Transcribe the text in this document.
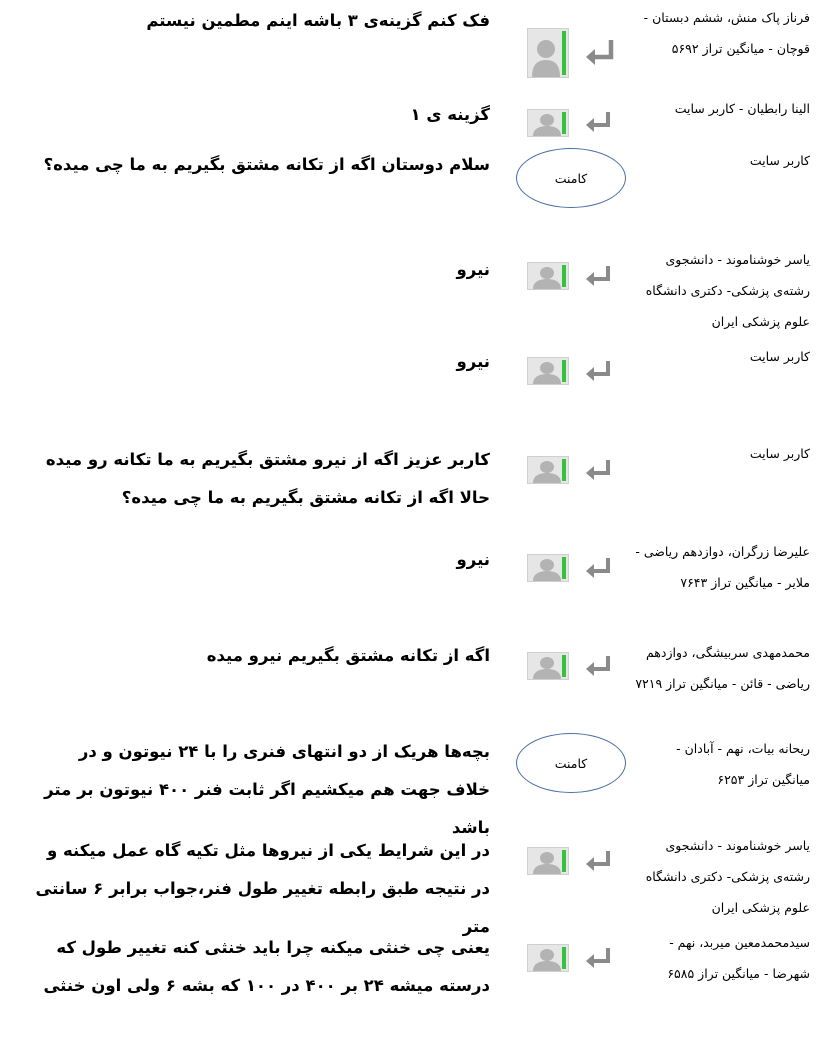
فک کنم گزینه‌ی ۳ باشه اینم مطمین نیستم
گزینه ی ۱
سلام دوستان اگه از تکانه مشتق بگیریم به ما چی میده؟
نیرو
نیرو
کاربر عزیز اگه از نیرو مشتق بگیریم به ما تکانه رو میده حالا اگه از تکانه مشتق بگیریم به ما چی میده؟
نیرو
اگه از تکانه مشتق بگیریم نیرو میده
بچه‌ها هریک از دو انتهای فنری را با ۲۴ نیوتون و در خلاف جهت هم میکشیم اگر ثابت فنر ۴۰۰ نیوتون بر متر باشد
در این شرایط یکی از نیروها مثل تکیه گاه عمل میکنه و در نتیجه طبق رابطه تغییر طول فنر،جواب برابر ۶ سانتی متر
یعنی چی خنثی میکنه چرا باید خنثی کنه تغییر طول که درسته میشه ۲۴ بر ۴۰۰ در ۱۰۰ که بشه ۶ ولی اون خنثی
فرناز پاک منش، ششم دبستان - قوچان - میانگین تراز ۵۶۹۲
الینا رابطیان - کاربر سایت
کاربر سایت
یاسر خوشناموند - دانشجوی رشته‌ی پزشکی- دکتری دانشگاه علوم پزشکی ایران
کاربر سایت
کاربر سایت
علیرضا زرگران، دوازدهم ریاضی - ملایر - میانگین تراز ۷۶۴۳
محمدمهدی سربیشگی، دوازدهم ریاضی - قائن - میانگین تراز ۷۲۱۹
ریحانه بیات، نهم - آبادان - میانگین تراز ۶۲۵۳
یاسر خوشناموند - دانشجوی رشته‌ی پزشکی- دکتری دانشگاه علوم پزشکی ایران
سیدمحمدمعین میربد، نهم - شهرضا - میانگین تراز ۶۵۸۵
کامنت
کامنت
